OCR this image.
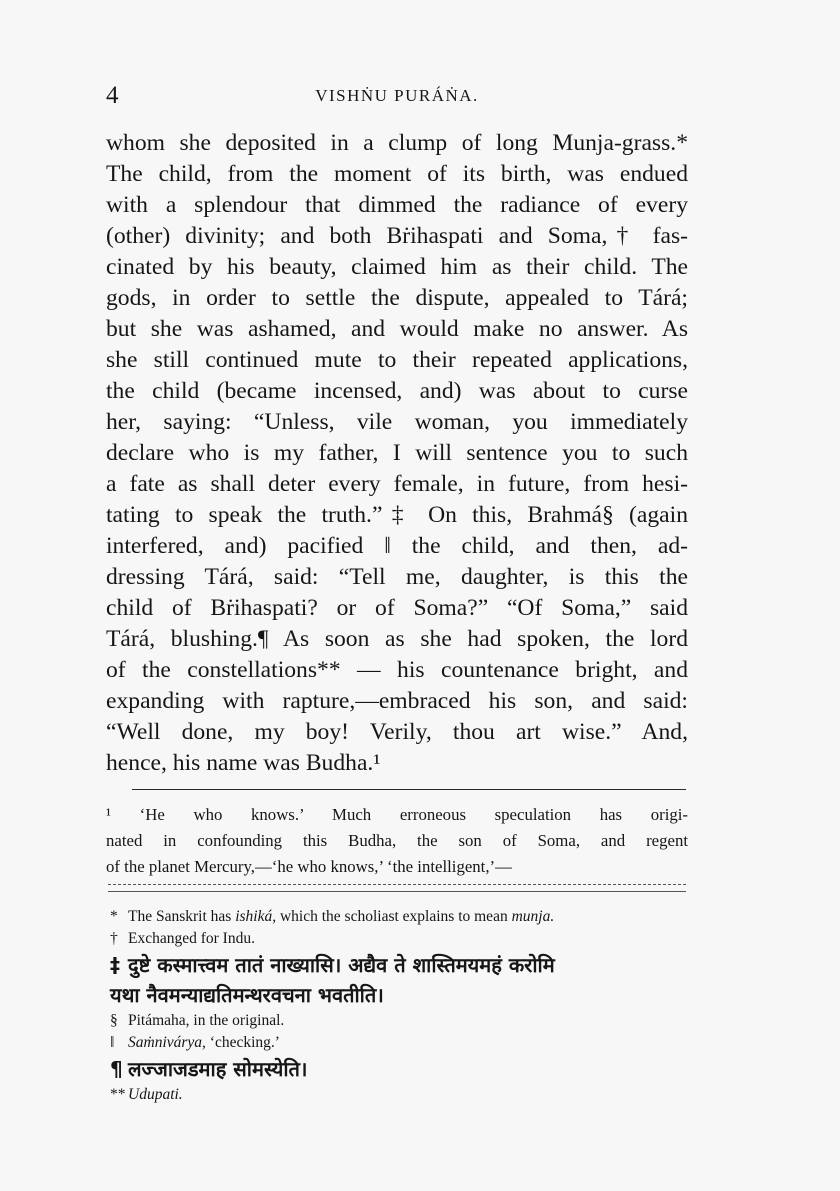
4	VISHṄU PURÁṄA.
whom she deposited in a clump of long Munja-grass.*
The child, from the moment of its birth, was endued
with a splendour that dimmed the radiance of every
(other) divinity; and both Bṙihaspati and Soma,† fas-
cinated by his beauty, claimed him as their child. The
gods, in order to settle the dispute, appealed to Tárá;
but she was ashamed, and would make no answer. As
she still continued mute to their repeated applications,
the child (became incensed, and) was about to curse
her, saying: “Unless, vile woman, you immediately
declare who is my father, I will sentence you to such
a fate as shall deter every female, in future, from hesi-
tating to speak the truth.”‡ On this, Brahmá§ (again
interfered, and) pacified ‖ the child, and then, ad-
dressing Tárá, said: “Tell me, daughter, is this the
child of Bṙihaspati? or of Soma?” “Of Soma,” said
Tárá, blushing.¶ As soon as she had spoken, the lord
of the constellations** — his countenance bright, and
expanding with rapture,—embraced his son, and said:
“Well done, my boy! Verily, thou art wise.” And,
hence, his name was Budha.¹
¹ ‘He who knows.’ Much erroneous speculation has origi-
nated in confounding this Budha, the son of Soma, and regent
of the planet Mercury,—‘he who knows,’ ‘the intelligent,’—
* The Sanskrit has ishiká, which the scholiast explains to mean munja.
† Exchanged for Indu.
‡ दुष्टे कस्मात्त्वम तातं नाख्यासि। अद्यैव ते शास्तिमयमहं करोमि
यथा नैवमन्याद्यतिमन्थरवचना भवतीति।
§ Pitámaha, in the original.
‖ Saṁnivárya, ‘checking.’
¶ लज्जाजडमाह सोमस्येति।
** Udupati.
